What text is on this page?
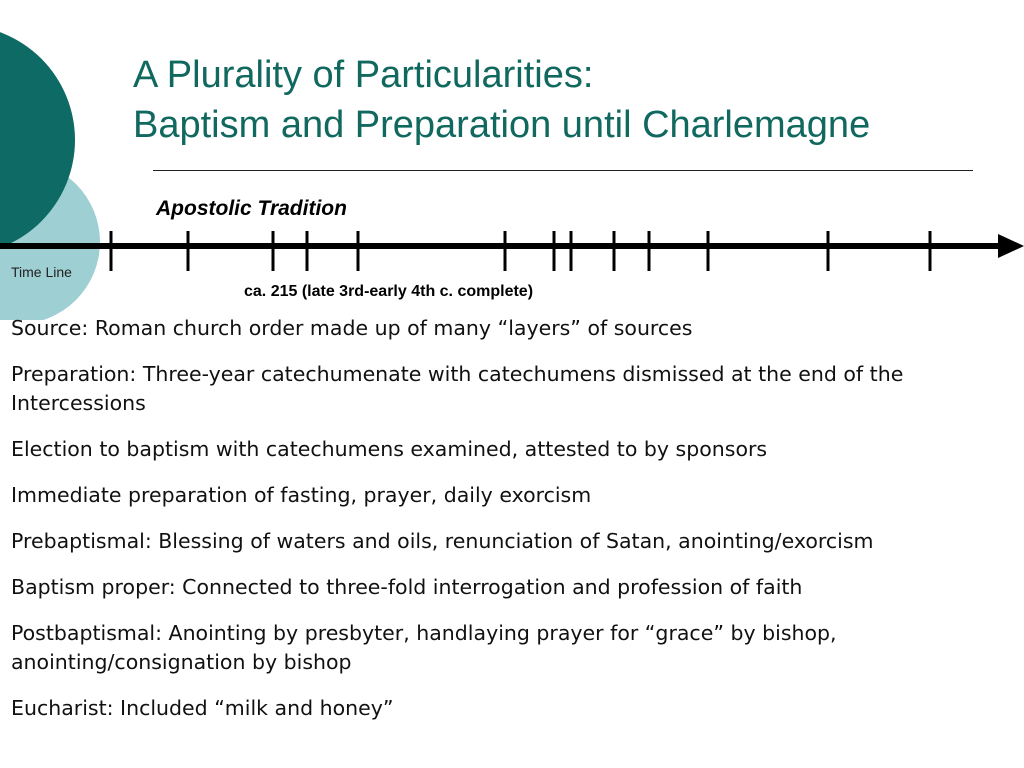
A Plurality of Particularities:
Baptism and Preparation until Charlemagne
Apostolic Tradition
Time Line
ca. 215 (late 3rd-early 4th c. complete)
Source: Roman church order made up of many “layers” of sources
Preparation: Three-year catechumenate with catechumens dismissed at the end of the Intercessions
Election to baptism with catechumens examined, attested to by sponsors
Immediate preparation of fasting, prayer, daily exorcism
Prebaptismal: Blessing of waters and oils, renunciation of Satan, anointing/exorcism
Baptism proper: Connected to three-fold interrogation and profession of faith
Postbaptismal: Anointing by presbyter, handlaying prayer for “grace” by bishop, anointing/consignation by bishop
Eucharist: Included “milk and honey”
